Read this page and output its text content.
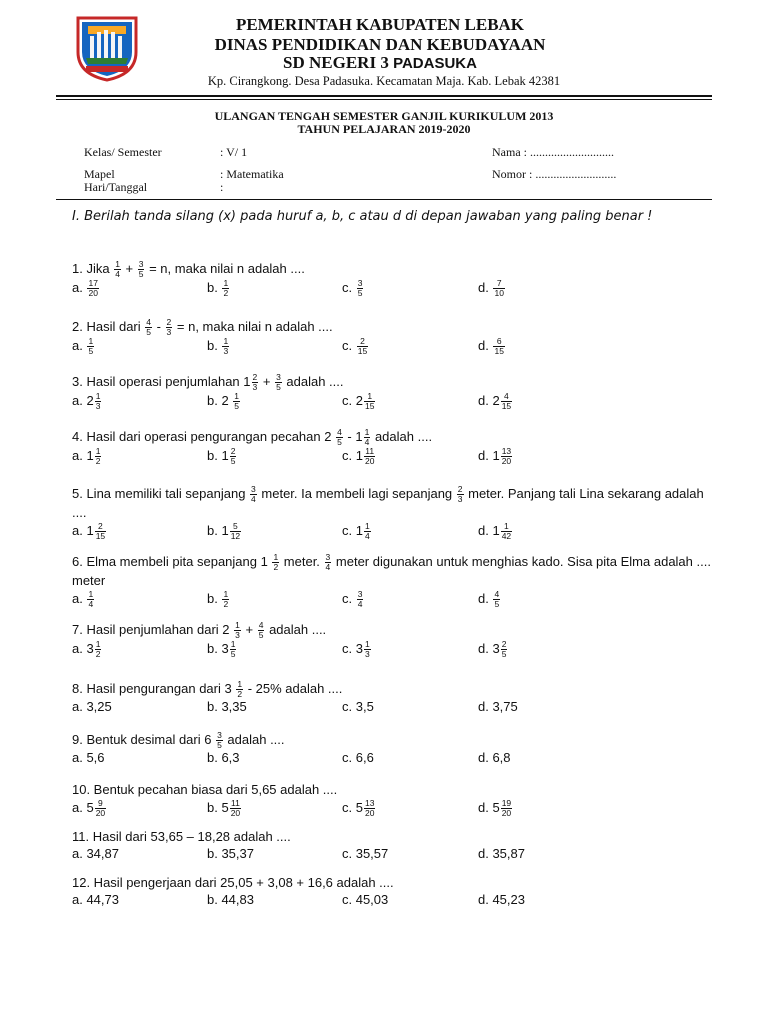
PEMERINTAH KABUPATEN LEBAK
DINAS PENDIDIKAN DAN KEBUDAYAAN
SD NEGERI 3 PADASUKA
Kp. Cirangkong. Desa Padasuka. Kecamatan Maja. Kab. Lebak 42381
ULANGAN TENGAH SEMESTER GANJIL KURIKULUM 2013
TAHUN PELAJARAN 2019-2020
Kelas/ Semester	: V/ 1	Nama : ............................
Mapel	: Matematika	Nomor : ...........................
Hari/Tanggal	:
I. Berilah tanda silang (x) pada huruf a, b, c atau d di depan jawaban yang paling benar !
1. Jika $\frac{1}{4} + \frac{3}{5} = n$, maka nilai n adalah ....
a. $\frac{17}{20}$	b. $\frac{1}{2}$	c. $\frac{3}{5}$	d. $\frac{7}{10}$
2. Hasil dari $\frac{4}{5} - \frac{2}{3} = n$, maka nilai n adalah ....
a. $\frac{1}{5}$	b. $\frac{1}{3}$	c. $\frac{2}{15}$	d. $\frac{6}{15}$
3. Hasil operasi penjumlahan $1 \frac{2}{3} + \frac{3}{5}$ adalah ....
a. $2 \frac{1}{3}$	b. $2 \frac{1}{5}$	c. $2 \frac{1}{15}$	d. $2 \frac{4}{15}$
4. Hasil dari operasi pengurangan pecahan $2 \frac{4}{5} - 1 \frac{1}{4}$ adalah ....
a. $1 \frac{1}{2}$	b. $1 \frac{2}{5}$	c. $1 \frac{11}{20}$	d. $1 \frac{13}{20}$
5. Lina memiliki tali sepanjang $\frac{3}{4}$ meter. Ia membeli lagi sepanjang $\frac{2}{3}$ meter. Panjang tali Lina sekarang adalah ....
a. $1 \frac{2}{15}$	b. $1 \frac{5}{12}$	c. $1 \frac{1}{4}$	d. $1 \frac{1}{42}$
6. Elma membeli pita sepanjang $1 \frac{1}{2}$ meter. $\frac{3}{4}$ meter digunakan untuk menghias kado. Sisa pita Elma adalah .... meter
a. $\frac{1}{4}$	b. $\frac{1}{2}$	c. $\frac{3}{4}$	d. $\frac{4}{5}$
7. Hasil penjumlahan dari $2 \frac{1}{3} + \frac{4}{5}$ adalah ....
a. $3 \frac{1}{2}$	b. $3 \frac{1}{5}$	c. $3 \frac{1}{3}$	d. $3 \frac{2}{5}$
8. Hasil pengurangan dari $3 \frac{1}{2} - 25\%$ adalah ....
a. 3,25	b. 3,35	c. 3,5	d. 3,75
9. Bentuk desimal dari $6 \frac{3}{5}$ adalah ....
a. 5,6	b. 6,3	c. 6,6	d. 6,8
10. Bentuk pecahan biasa dari 5,65 adalah ....
a. $5 \frac{9}{20}$	b. $5 \frac{11}{20}$	c. $5 \frac{13}{20}$	d. $5 \frac{19}{20}$
11. Hasil dari 53,65 – 18,28 adalah ....
a. 34,87	b. 35,37	c. 35,57	d. 35,87
12. Hasil pengerjaan dari 25,05 + 3,08 + 16,6 adalah ....
a. 44,73	b. 44,83	c. 45,03	d. 45,23
